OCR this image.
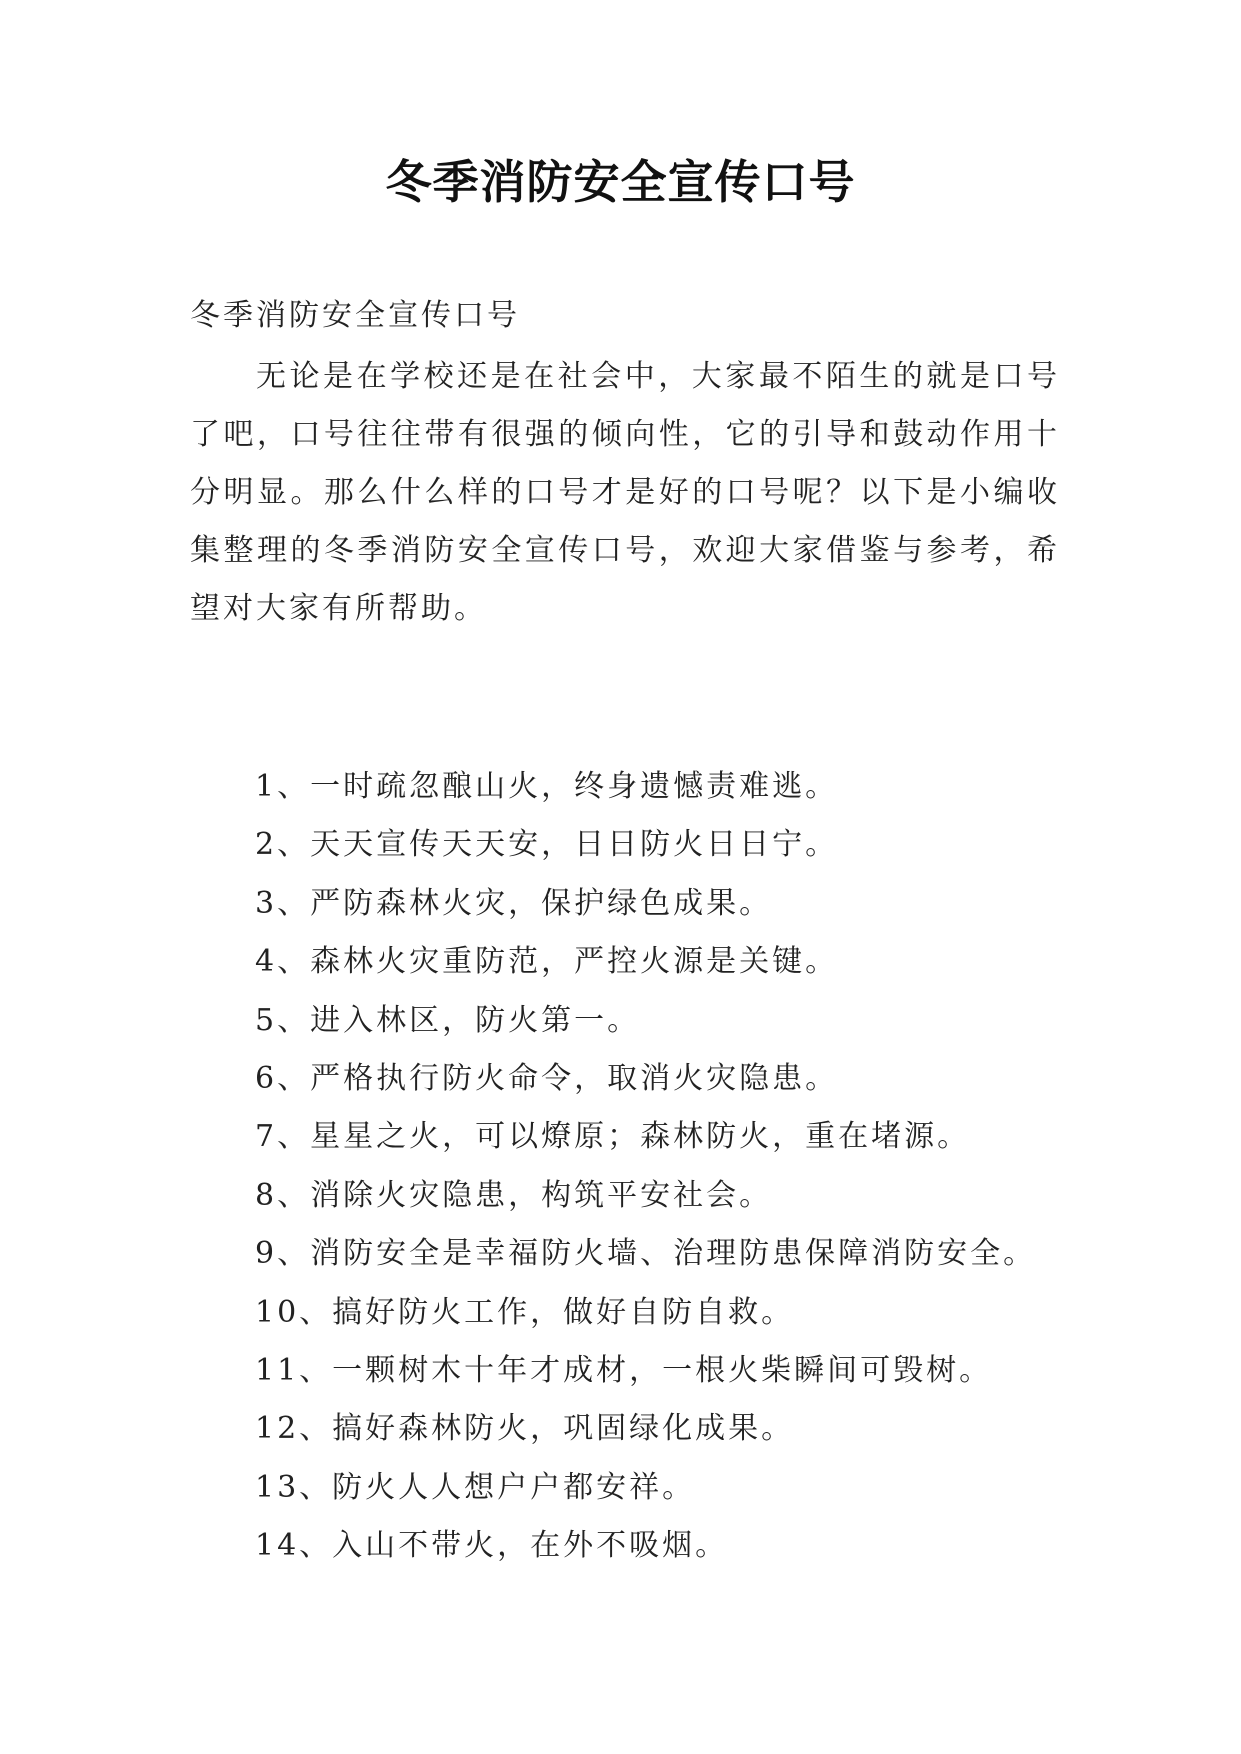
冬季消防安全宣传口号

冬季消防安全宣传口号

无论是在学校还是在社会中，大家最不陌生的就是口号了吧，口号往往带有很强的倾向性，它的引导和鼓动作用十分明显。那么什么样的口号才是好的口号呢？以下是小编收集整理的冬季消防安全宣传口号，欢迎大家借鉴与参考，希望对大家有所帮助。

1、一时疏忽酿山火，终身遗憾责难逃。
2、天天宣传天天安，日日防火日日宁。
3、严防森林火灾，保护绿色成果。
4、森林火灾重防范，严控火源是关键。
5、进入林区，防火第一。
6、严格执行防火命令，取消火灾隐患。
7、星星之火，可以燎原；森林防火，重在堵源。
8、消除火灾隐患，构筑平安社会。
9、消防安全是幸福防火墙、治理防患保障消防安全。
10、搞好防火工作，做好自防自救。
11、一颗树木十年才成材，一根火柴瞬间可毁树。
12、搞好森林防火，巩固绿化成果。
13、防火人人想户户都安祥。
14、入山不带火，在外不吸烟。
